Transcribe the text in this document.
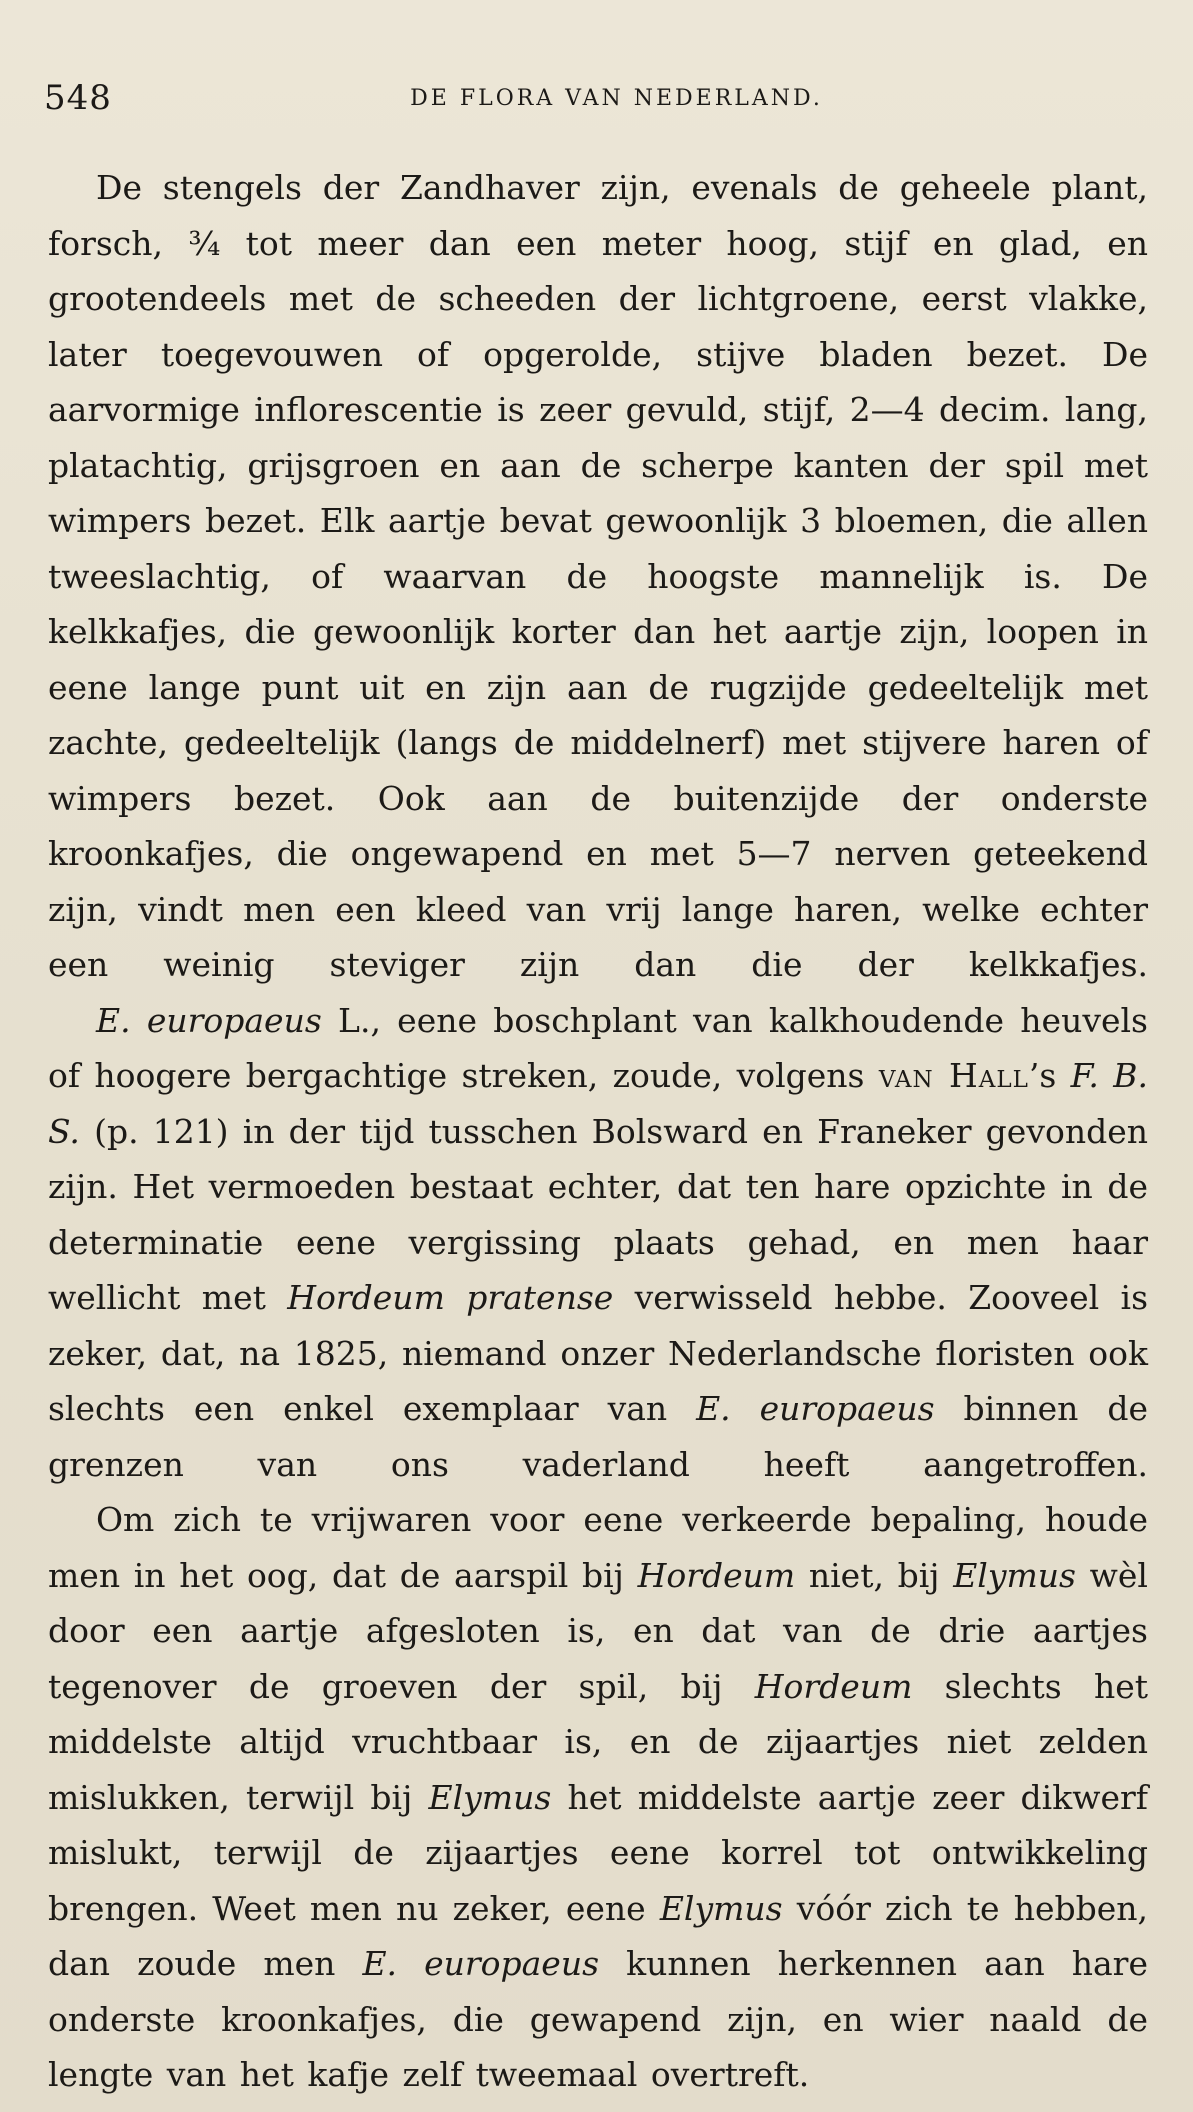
548	DE FLORA VAN NEDERLAND.

De stengels der Zandhaver zijn, evenals de geheele plant, forsch, ¾ tot meer dan een meter hoog, stijf en glad, en grootendeels met de scheeden der lichtgroene, eerst vlakke, later toegevouwen of opgerolde, stijve bladen bezet. De aarvormige inflorescentie is zeer gevuld, stijf, 2—4 decim. lang, platachtig, grijsgroen en aan de scherpe kanten der spil met wimpers bezet. Elk aartje bevat gewoonlijk 3 bloemen, die allen tweeslachtig, of waarvan de hoogste mannelijk is. De kelkkafjes, die gewoonlijk korter dan het aartje zijn, loopen in eene lange punt uit en zijn aan de rugzijde gedeeltelijk met zachte, gedeeltelijk (langs de middelnerf) met stijvere haren of wimpers bezet. Ook aan de buitenzijde der onderste kroonkafjes, die ongewapend en met 5—7 nerven geteekend zijn, vindt men een kleed van vrij lange haren, welke echter een weinig steviger zijn dan die der kelkkafjes.

E. europaeus L., eene boschplant van kalkhoudende heuvels of hoogere bergachtige streken, zoude, volgens van Hall’s F. B. S. (p. 121) in der tijd tusschen Bolsward en Franeker gevonden zijn. Het vermoeden bestaat echter, dat ten hare opzichte in de determinatie eene vergissing plaats gehad, en men haar wellicht met Hordeum pratense verwisseld hebbe. Zooveel is zeker, dat, na 1825, niemand onzer Nederlandsche floristen ook slechts een enkel exemplaar van E. europaeus binnen de grenzen van ons vaderland heeft aangetroffen.

Om zich te vrijwaren voor eene verkeerde bepaling, houde men in het oog, dat de aarspil bij Hordeum niet, bij Elymus wèl door een aartje afgesloten is, en dat van de drie aartjes tegenover de groeven der spil, bij Hordeum slechts het middelste altijd vruchtbaar is, en de zijaartjes niet zelden mislukken, terwijl bij Elymus het middelste aartje zeer dikwerf mislukt, terwijl de zijaartjes eene korrel tot ontwikkeling brengen. Weet men nu zeker, eene Elymus vóór zich te hebben, dan zoude men E. europaeus kunnen herkennen aan hare onderste kroonkafjes, die gewapend zijn, en wier naald de lengte van het kafje zelf tweemaal overtreft.
